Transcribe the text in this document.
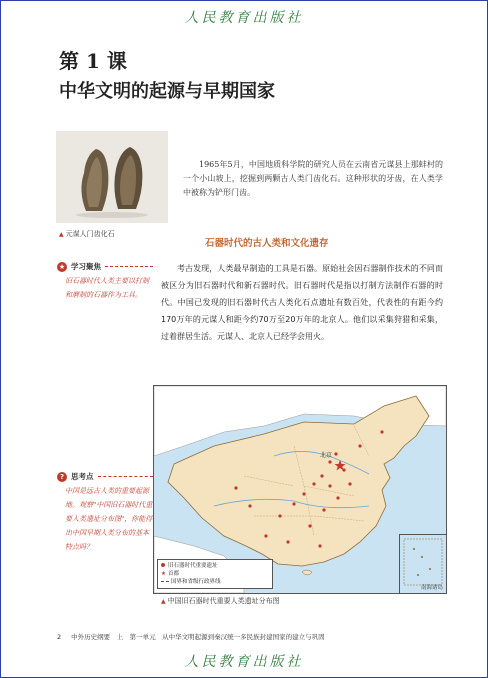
人民教育出版社
第 1 课
中华文明的起源与早期国家
▲ 元谋人门齿化石
1965年5月，中国地质科学院的研究人员在云南省元谋县上那蚌村的一个小山坡上，挖掘到两颗古人类门齿化石。这种形状的牙齿，在人类学中被称为铲形门齿。
石器时代的古人类和文化遗存
考古发现，人类最早制造的工具是石器。原始社会因石器制作技术的不同而被区分为旧石器时代和新石器时代。旧石器时代是指以打制方法制作石器的时代。中国已发现的旧石器时代古人类化石点遗址有数百处，代表性的有距今约170万年的元谋人和距今约70万至20万年的北京人。他们以采集狩猎和采集，过着群居生活。元谋人、北京人已经学会用火。
★ 学习聚焦
旧石器时代人类主要以打制和磨制的石器作为工具。
? 思考点
中国是远古人类的重要起源地。观察"中国旧石器时代重要人类遗址分布图"，你能得出中国早期人类分布的基本特点吗？
北京
旧石器时代重要遗址
★ 首都
国界和省级行政界线
南海诸岛
▲ 中国旧石器时代重要人类遗址分布图
2 中外历史纲要　上　第一单元　从中华文明起源到秦汉统一多民族封建国家的建立与巩固
人民教育出版社
